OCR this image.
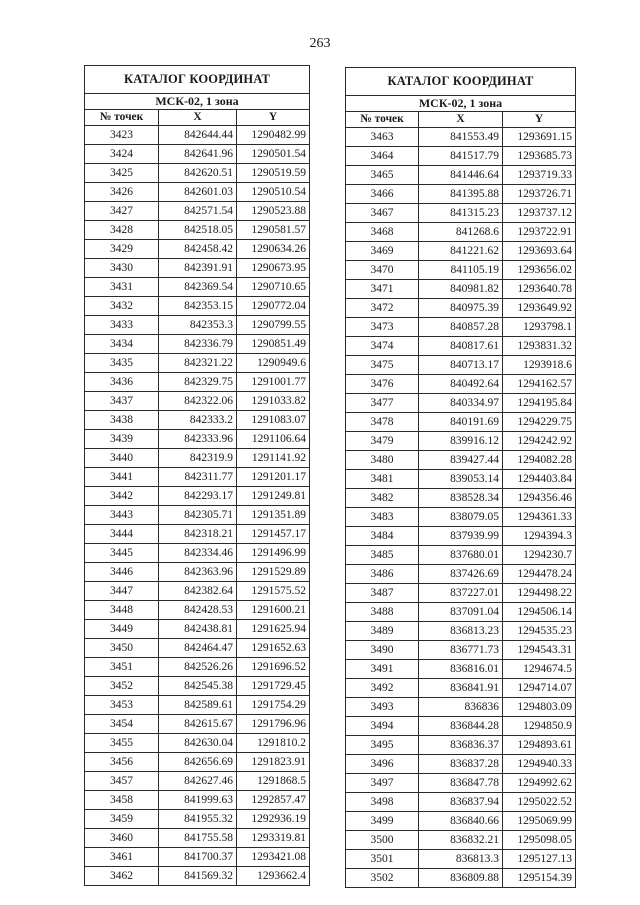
263
КАТАЛОГ КООРДИНАТ		
МСК-02, 1 зона		
№ точек	X	Y
3423	842644.44	1290482.99
3424	842641.96	1290501.54
3425	842620.51	1290519.59
3426	842601.03	1290510.54
3427	842571.54	1290523.88
3428	842518.05	1290581.57
3429	842458.42	1290634.26
3430	842391.91	1290673.95
3431	842369.54	1290710.65
3432	842353.15	1290772.04
3433	842353.3	1290799.55
3434	842336.79	1290851.49
3435	842321.22	1290949.6
3436	842329.75	1291001.77
3437	842322.06	1291033.82
3438	842333.2	1291083.07
3439	842333.96	1291106.64
3440	842319.9	1291141.92
3441	842311.77	1291201.17
3442	842293.17	1291249.81
3443	842305.71	1291351.89
3444	842318.21	1291457.17
3445	842334.46	1291496.99
3446	842363.96	1291529.89
3447	842382.64	1291575.52
3448	842428.53	1291600.21
3449	842438.81	1291625.94
3450	842464.47	1291652.63
3451	842526.26	1291696.52
3452	842545.38	1291729.45
3453	842589.61	1291754.29
3454	842615.67	1291796.96
3455	842630.04	1291810.2
3456	842656.69	1291823.91
3457	842627.46	1291868.5
3458	841999.63	1292857.47
3459	841955.32	1292936.19
3460	841755.58	1293319.81
3461	841700.37	1293421.08
3462	841569.32	1293662.4
КАТАЛОГ КООРДИНАТ		
МСК-02, 1 зона		
№ точек	X	Y
3463	841553.49	1293691.15
3464	841517.79	1293685.73
3465	841446.64	1293719.33
3466	841395.88	1293726.71
3467	841315.23	1293737.12
3468	841268.6	1293722.91
3469	841221.62	1293693.64
3470	841105.19	1293656.02
3471	840981.82	1293640.78
3472	840975.39	1293649.92
3473	840857.28	1293798.1
3474	840817.61	1293831.32
3475	840713.17	1293918.6
3476	840492.64	1294162.57
3477	840334.97	1294195.84
3478	840191.69	1294229.75
3479	839916.12	1294242.92
3480	839427.44	1294082.28
3481	839053.14	1294403.84
3482	838528.34	1294356.46
3483	838079.05	1294361.33
3484	837939.99	1294394.3
3485	837680.01	1294230.7
3486	837426.69	1294478.24
3487	837227.01	1294498.22
3488	837091.04	1294506.14
3489	836813.23	1294535.23
3490	836771.73	1294543.31
3491	836816.01	1294674.5
3492	836841.91	1294714.07
3493	836836	1294803.09
3494	836844.28	1294850.9
3495	836836.37	1294893.61
3496	836837.28	1294940.33
3497	836847.78	1294992.62
3498	836837.94	1295022.52
3499	836840.66	1295069.99
3500	836832.21	1295098.05
3501	836813.3	1295127.13
3502	836809.88	1295154.39
